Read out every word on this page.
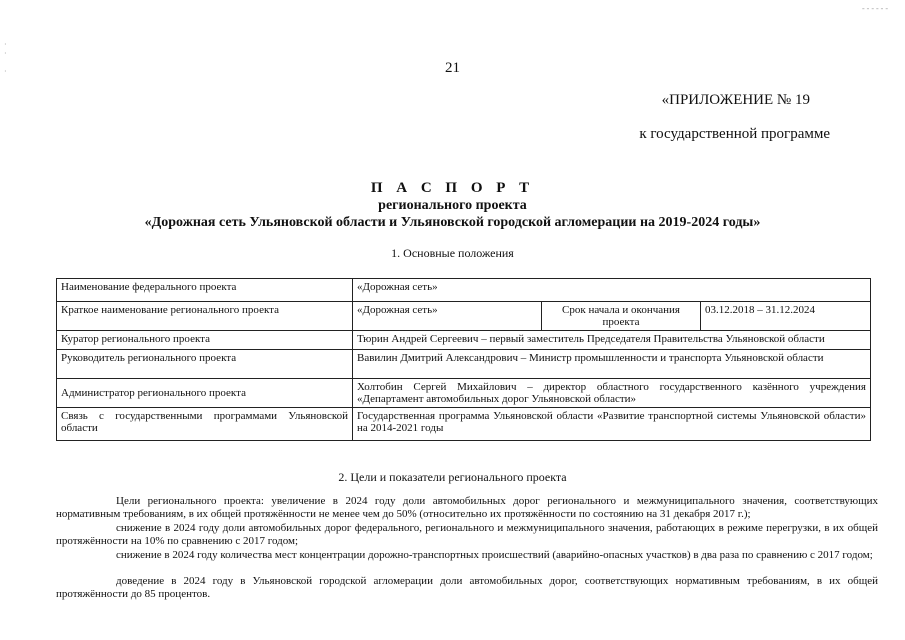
‐ ‐ ‐ ‐ ‐ ‐
·
·

·	21
«ПРИЛОЖЕНИЕ № 19
к государственной программе
П А С П О Р Т
регионального проекта
«Дорожная сеть Ульяновской области и Ульяновской городской агломерации на 2019-2024 годы»
1. Основные положения
Наименование федерального проекта	«Дорожная сеть»		
Краткое наименование регионального проекта	«Дорожная сеть»	Срок начала и окончания проекта	03.12.2018 – 31.12.2024
Куратор регионального проекта	Тюрин Андрей Сергеевич – первый заместитель Председателя Правительства Ульяновской области		
Руководитель регионального проекта	Вавилин Дмитрий Александрович – Министр промышленности и транспорта Ульяновской области		
Администратор регионального проекта	Холтобин Сергей Михайлович – директор областного государственного казённого учреждения «Департамент автомобильных дорог Ульяновской области»		
Связь с государственными программами Ульяновской области	Государственная программа Ульяновской области «Развитие транспортной системы Ульяновской области» на 2014-2021 годы		
2. Цели и показатели регионального проекта
Цели регионального проекта: увеличение в 2024 году доли автомобильных дорог регионального и межмуниципального значения, соответствующих нормативным требованиям, в их общей протяжённости не менее чем до 50% (относительно их протяжённости по состоянию на 31 декабря 2017 г.);
снижение в 2024 году доли автомобильных дорог федерального, регионального и межмуниципального значения, работающих в режиме перегрузки, в их общей протяжённости на 10% по сравнению с 2017 годом;
снижение в 2024 году количества мест концентрации дорожно-транспортных происшествий (аварийно-опасных участков) в два раза по сравнению с 2017 годом;
доведение в 2024 году в Ульяновской городской агломерации доли автомобильных дорог, соответствующих нормативным требованиям, в их общей протяжённости до 85 процентов.
